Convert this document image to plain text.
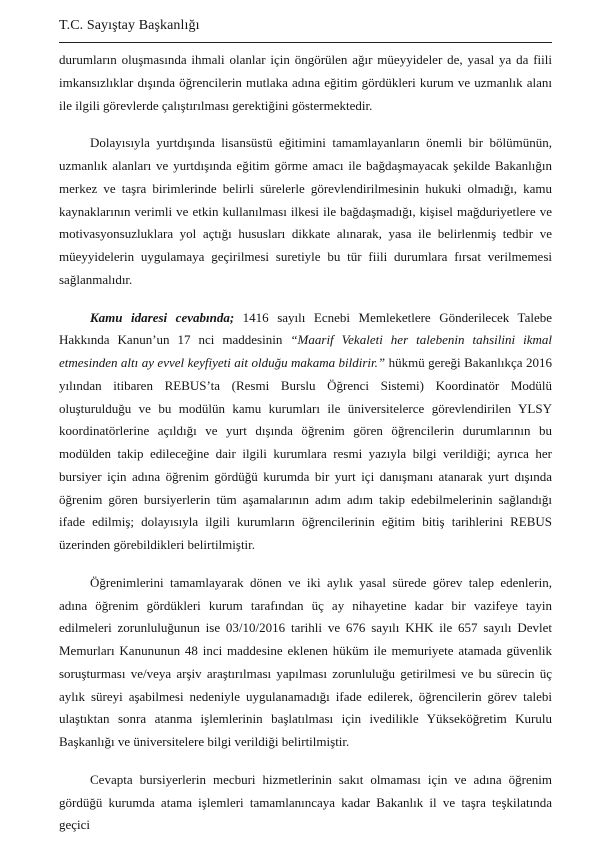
T.C. Sayıştay Başkanlığı

durumların oluşmasında ihmali olanlar için öngörülen ağır müeyyideler de, yasal ya da fiili imkansızlıklar dışında öğrencilerin mutlaka adına eğitim gördükleri kurum ve uzmanlık alanı ile ilgili görevlerde çalıştırılması gerektiğini göstermektedir.

Dolayısıyla yurtdışında lisansüstü eğitimini tamamlayanların önemli bir bölümünün, uzmanlık alanları ve yurtdışında eğitim görme amacı ile bağdaşmayacak şekilde Bakanlığın merkez ve taşra birimlerinde belirli sürelerle görevlendirilmesinin hukuki olmadığı, kamu kaynaklarının verimli ve etkin kullanılması ilkesi ile bağdaşmadığı, kişisel mağduriyetlere ve motivasyonsuzluklara yol açtığı hususları dikkate alınarak, yasa ile belirlenmiş tedbir ve müeyyidelerin uygulamaya geçirilmesi suretiyle bu tür fiili durumlara fırsat verilmemesi sağlanmalıdır.

Kamu idaresi cevabında; 1416 sayılı Ecnebi Memleketlere Gönderilecek Talebe Hakkında Kanun’un 17 nci maddesinin “Maarif Vekaleti her talebenin tahsilini ikmal etmesinden altı ay evvel keyfiyeti ait olduğu makama bildirir.” hükmü gereği Bakanlıkça 2016 yılından itibaren REBUS’ta (Resmi Burslu Öğrenci Sistemi) Koordinatör Modülü oluşturulduğu ve bu modülün kamu kurumları ile üniversitelerce görevlendirilen YLSY koordinatörlerine açıldığı ve yurt dışında öğrenim gören öğrencilerin durumlarının bu modülden takip edileceğine dair ilgili kurumlara resmi yazıyla bilgi verildiği; ayrıca her bursiyer için adına öğrenim gördüğü kurumda bir yurt içi danışmanı atanarak yurt dışında öğrenim gören bursiyerlerin tüm aşamalarının adım adım takip edebilmelerinin sağlandığı ifade edilmiş; dolayısıyla ilgili kurumların öğrencilerinin eğitim bitiş tarihlerini REBUS üzerinden görebildikleri belirtilmiştir.

Öğrenimlerini tamamlayarak dönen ve iki aylık yasal sürede görev talep edenlerin, adına öğrenim gördükleri kurum tarafından üç ay nihayetine kadar bir vazifeye tayin edilmeleri zorunluluğunun ise 03/10/2016 tarihli ve 676 sayılı KHK ile 657 sayılı Devlet Memurları Kanununun 48 inci maddesine eklenen hüküm ile memuriyete atamada güvenlik soruşturması ve/veya arşiv araştırılması yapılması zorunluluğu getirilmesi ve bu sürecin üç aylık süreyi aşabilmesi nedeniyle uygulanamadığı ifade edilerek, öğrencilerin görev talebi ulaştıktan sonra atanma işlemlerinin başlatılması için ivedilikle Yükseköğretim Kurulu Başkanlığı ve üniversitelere bilgi verildiği belirtilmiştir.

Cevapta bursiyerlerin mecburi hizmetlerinin sakıt olmaması için ve adına öğrenim gördüğü kurumda atama işlemleri tamamlanıncaya kadar Bakanlık il ve taşra teşkilatında geçici
